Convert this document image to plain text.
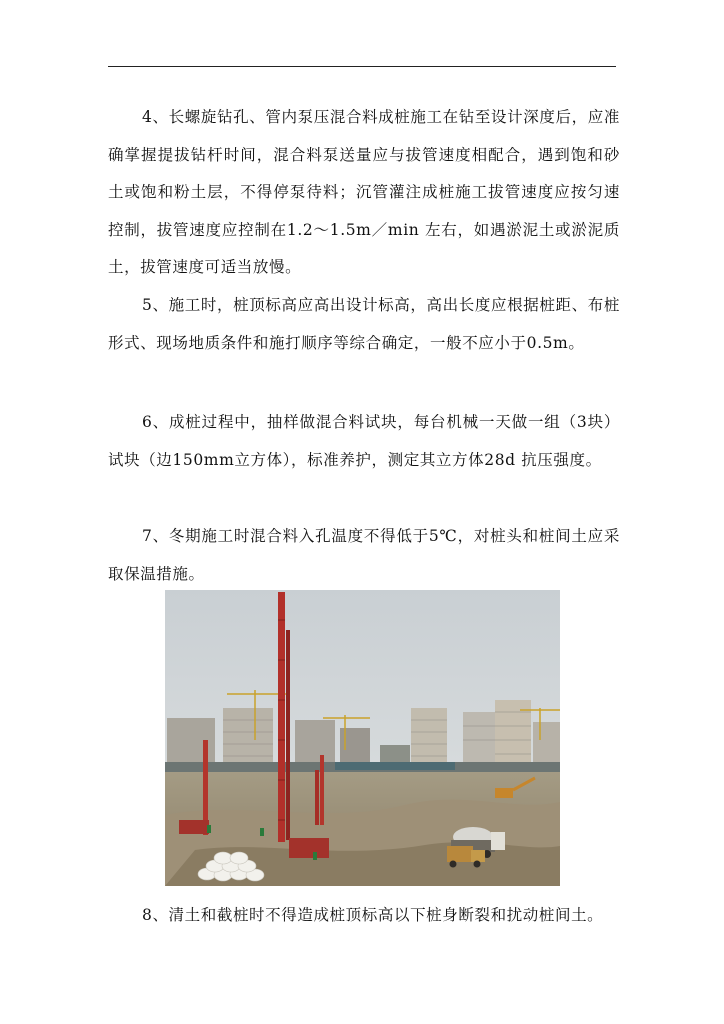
4、长螺旋钻孔、管内泵压混合料成桩施工在钻至设计深度后，应准确掌握提拔钻杆时间，混合料泵送量应与拔管速度相配合，遇到饱和砂土或饱和粉土层，不得停泵待料；沉管灌注成桩施工拔管速度应按匀速控制，拔管速度应控制在1.2～1.5m／min 左右，如遇淤泥土或淤泥质土，拔管速度可适当放慢。

5、施工时，桩顶标高应高出设计标高，高出长度应根据桩距、布桩形式、现场地质条件和施打顺序等综合确定，一般不应小于0.5m。

6、成桩过程中，抽样做混合料试块，每台机械一天做一组（3块）试块（边150mm立方体），标准养护，测定其立方体28d 抗压强度。

7、冬期施工时混合料入孔温度不得低于5℃，对桩头和桩间土应采取保温措施。

8、清土和截桩时不得造成桩顶标高以下桩身断裂和扰动桩间土。
